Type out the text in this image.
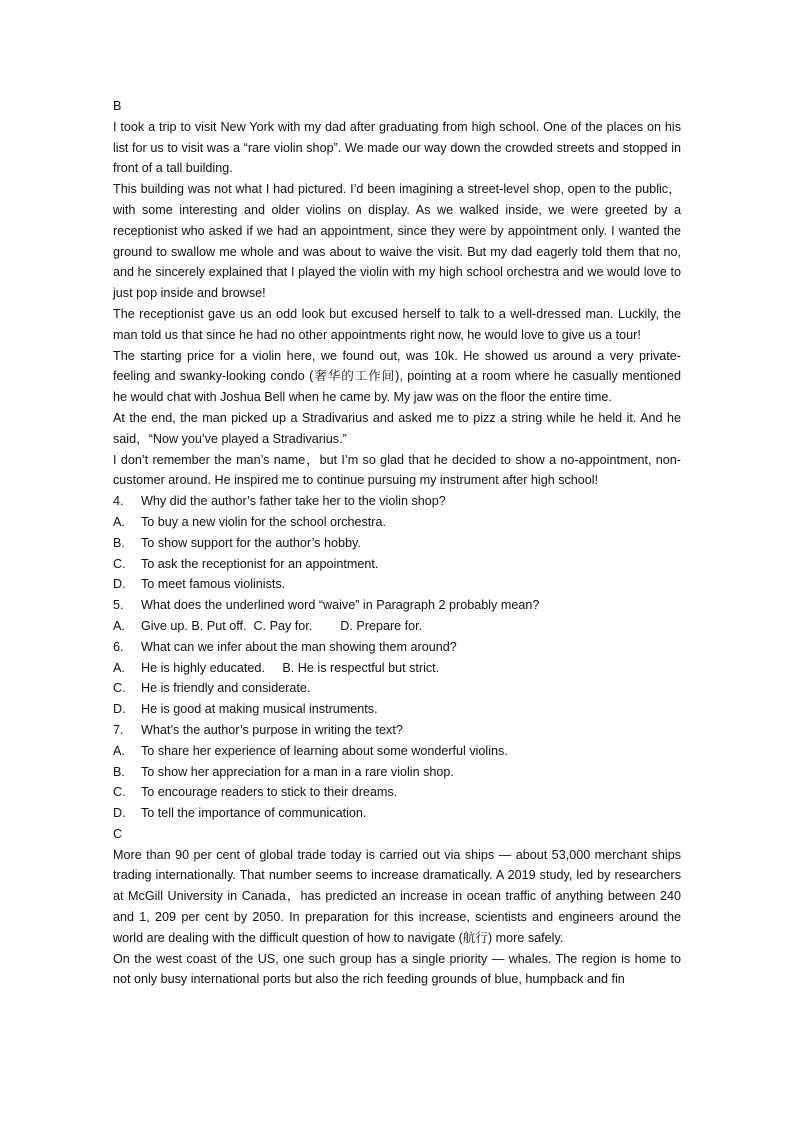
B

I took a trip to visit New York with my dad after graduating from high school. One of the places on his list for us to visit was a “rare violin shop”. We made our way down the crowded streets and stopped in front of a tall building.

This building was not what I had pictured. I’d been imagining a street-level shop, open to the public，with some interesting and older violins on display. As we walked inside, we were greeted by a receptionist who asked if we had an appointment, since they were by appointment only. I wanted the ground to swallow me whole and was about to waive the visit. But my dad eagerly told them that no, and he sincerely explained that I played the violin with my high school orchestra and we would love to just pop inside and browse!

The receptionist gave us an odd look but excused herself to talk to a well-dressed man. Luckily, the man told us that since he had no other appointments right now, he would love to give us a tour!

The starting price for a violin here, we found out, was 10k. He showed us around a very private-feeling and swanky-looking condo (奢华的工作间), pointing at a room where he casually mentioned he would chat with Joshua Bell when he came by. My jaw was on the floor the entire time.

At the end, the man picked up a Stradivarius and asked me to pizz a string while he held it. And he said，“Now you’ve played a Stradivarius.”

I don’t remember the man’s name，but I’m so glad that he decided to show a no-appointment, non-customer around. He inspired me to continue pursuing my instrument after high school!

4.	Why did the author’s father take her to the violin shop?
A.	To buy a new violin for the school orchestra.
B.	To show support for the author’s hobby.
C.	To ask the receptionist for an appointment.
D.	To meet famous violinists.
5.	What does the underlined word “waive” in Paragraph 2 probably mean?
A.	Give up. B. Put off.  C. Pay for.        D. Prepare for.
6.	What can we infer about the man showing them around?
A.	He is highly educated.     B. He is respectful but strict.
C.	He is friendly and considerate.
D.	He is good at making musical instruments.
7.	What’s the author’s purpose in writing the text?
A.	To share her experience of learning about some wonderful violins.
B.	To show her appreciation for a man in a rare violin shop.
C.	To encourage readers to stick to their dreams.
D.	To tell the importance of communication.

C

More than 90 per cent of global trade today is carried out via ships — about 53,000 merchant ships trading internationally. That number seems to increase dramatically. A 2019 study, led by researchers at McGill University in Canada，has predicted an increase in ocean traffic of anything between 240 and 1, 209 per cent by 2050. In preparation for this increase, scientists and engineers around the world are dealing with the difficult question of how to navigate (航行) more safely.

On the west coast of the US, one such group has a single priority — whales. The region is home to not only busy international ports but also the rich feeding grounds of blue, humpback and fin
